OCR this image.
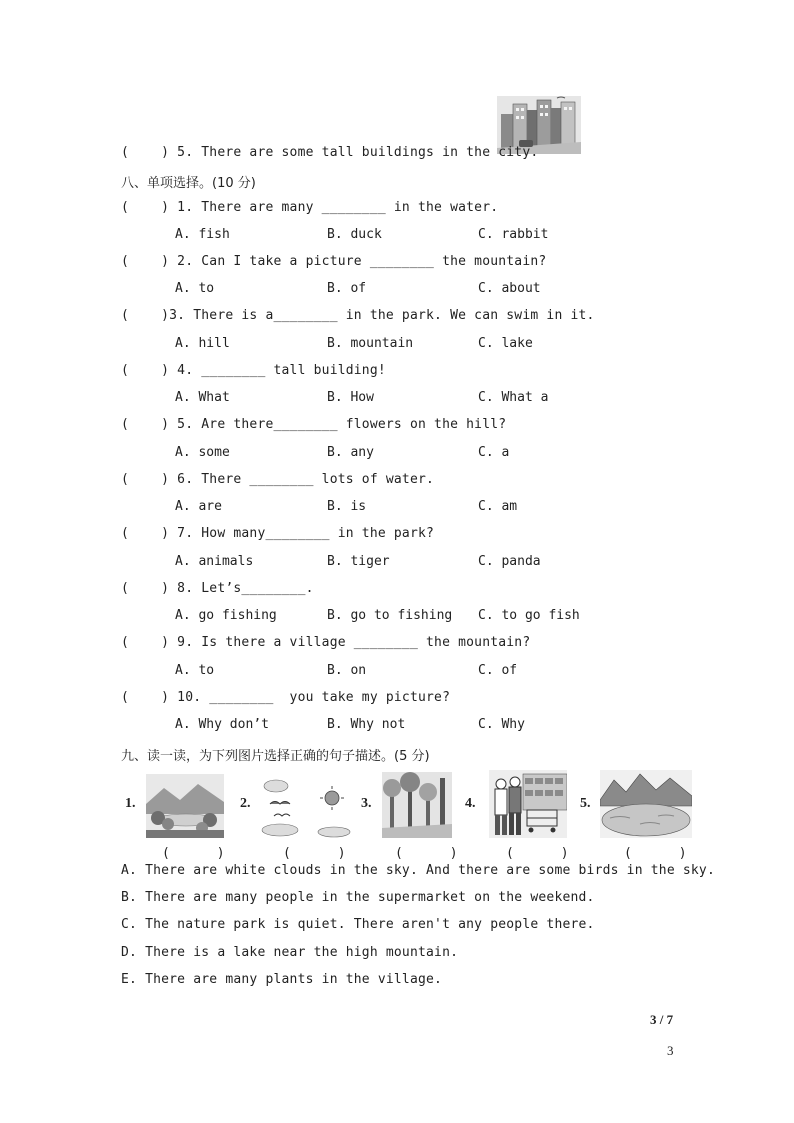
(    ) 5. There are some tall buildings in the city.
八、单项选择。(10 分)
(    ) 1. There are many ________ in the water.
A. fish	B. duck	C. rabbit
(    ) 2. Can I take a picture ________ the mountain?
A. to	B. of	C. about
(    )3. There is a________ in the park. We can swim in it.
A. hill	B. mountain	C. lake
(    ) 4. ________ tall building!
A. What	B. How	C. What a
(    ) 5. Are there________ flowers on the hill?
A. some	B. any	C. a
(    ) 6. There ________ lots of water.
A. are	B. is	C. am
(    ) 7. How many________ in the park?
A. animals	B. tiger	C. panda
(    ) 8. Let’s________.
A. go fishing	B. go to fishing C. to go fish
(    ) 9. Is there a village ________ the mountain?
A. to	B. on	C. of
(    ) 10. ________  you take my picture?
A. Why don’t	B. Why not	C. Why
九、读一读，为下列图片选择正确的句子描述。(5 分)
1.	2.	3.	4.	5.
(      )	(      )	(      )	(      )	(      )
A. There are white clouds in the sky. And there are some birds in the sky.
B. There are many people in the supermarket on the weekend.
C. The nature park is quiet. There aren't any people there.
D. There is a lake near the high mountain.
E. There are many plants in the village.
3 / 7
3
